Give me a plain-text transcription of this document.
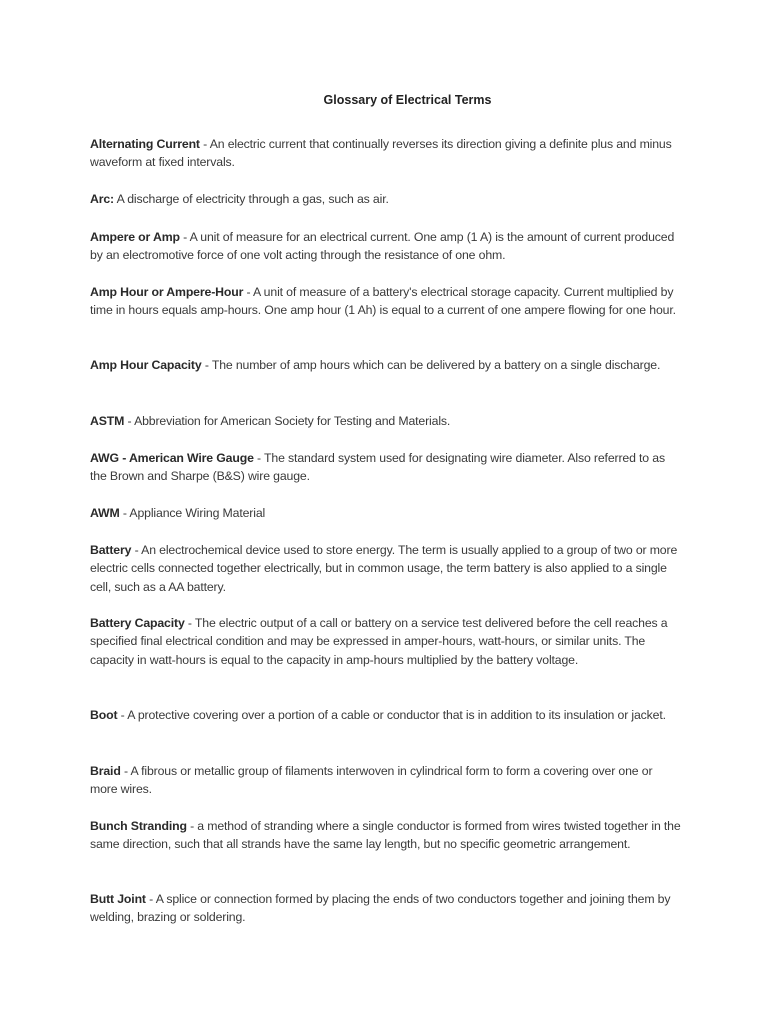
Glossary of Electrical Terms
Alternating Current - An electric current that continually reverses its direction giving a definite plus and minus waveform at fixed intervals.
Arc: A discharge of electricity through a gas, such as air.
Ampere or Amp - A unit of measure for an electrical current. One amp (1 A) is the amount of current produced by an electromotive force of one volt acting through the resistance of one ohm.
Amp Hour or Ampere-Hour - A unit of measure of a battery's electrical storage capacity. Current multiplied by time in hours equals amp-hours. One amp hour (1 Ah) is equal to a current of one ampere flowing for one hour.
Amp Hour Capacity - The number of amp hours which can be delivered by a battery on a single discharge.
ASTM - Abbreviation for American Society for Testing and Materials.
AWG - American Wire Gauge - The standard system used for designating wire diameter. Also referred to as the Brown and Sharpe (B&S) wire gauge.
AWM - Appliance Wiring Material
Battery - An electrochemical device used to store energy. The term is usually applied to a group of two or more electric cells connected together electrically, but in common usage, the term battery is also applied to a single cell, such as a AA battery.
Battery Capacity - The electric output of a call or battery on a service test delivered before the cell reaches a specified final electrical condition and may be expressed in amper-hours, watt-hours, or similar units. The capacity in watt-hours is equal to the capacity in amp-hours multiplied by the battery voltage.
Boot - A protective covering over a portion of a cable or conductor that is in addition to its insulation or jacket.
Braid - A fibrous or metallic group of filaments interwoven in cylindrical form to form a covering over one or more wires.
Bunch Stranding - a method of stranding where a single conductor is formed from wires twisted together in the same direction, such that all strands have the same lay length, but no specific geometric arrangement.
Butt Joint - A splice or connection formed by placing the ends of two conductors together and joining them by welding, brazing or soldering.
